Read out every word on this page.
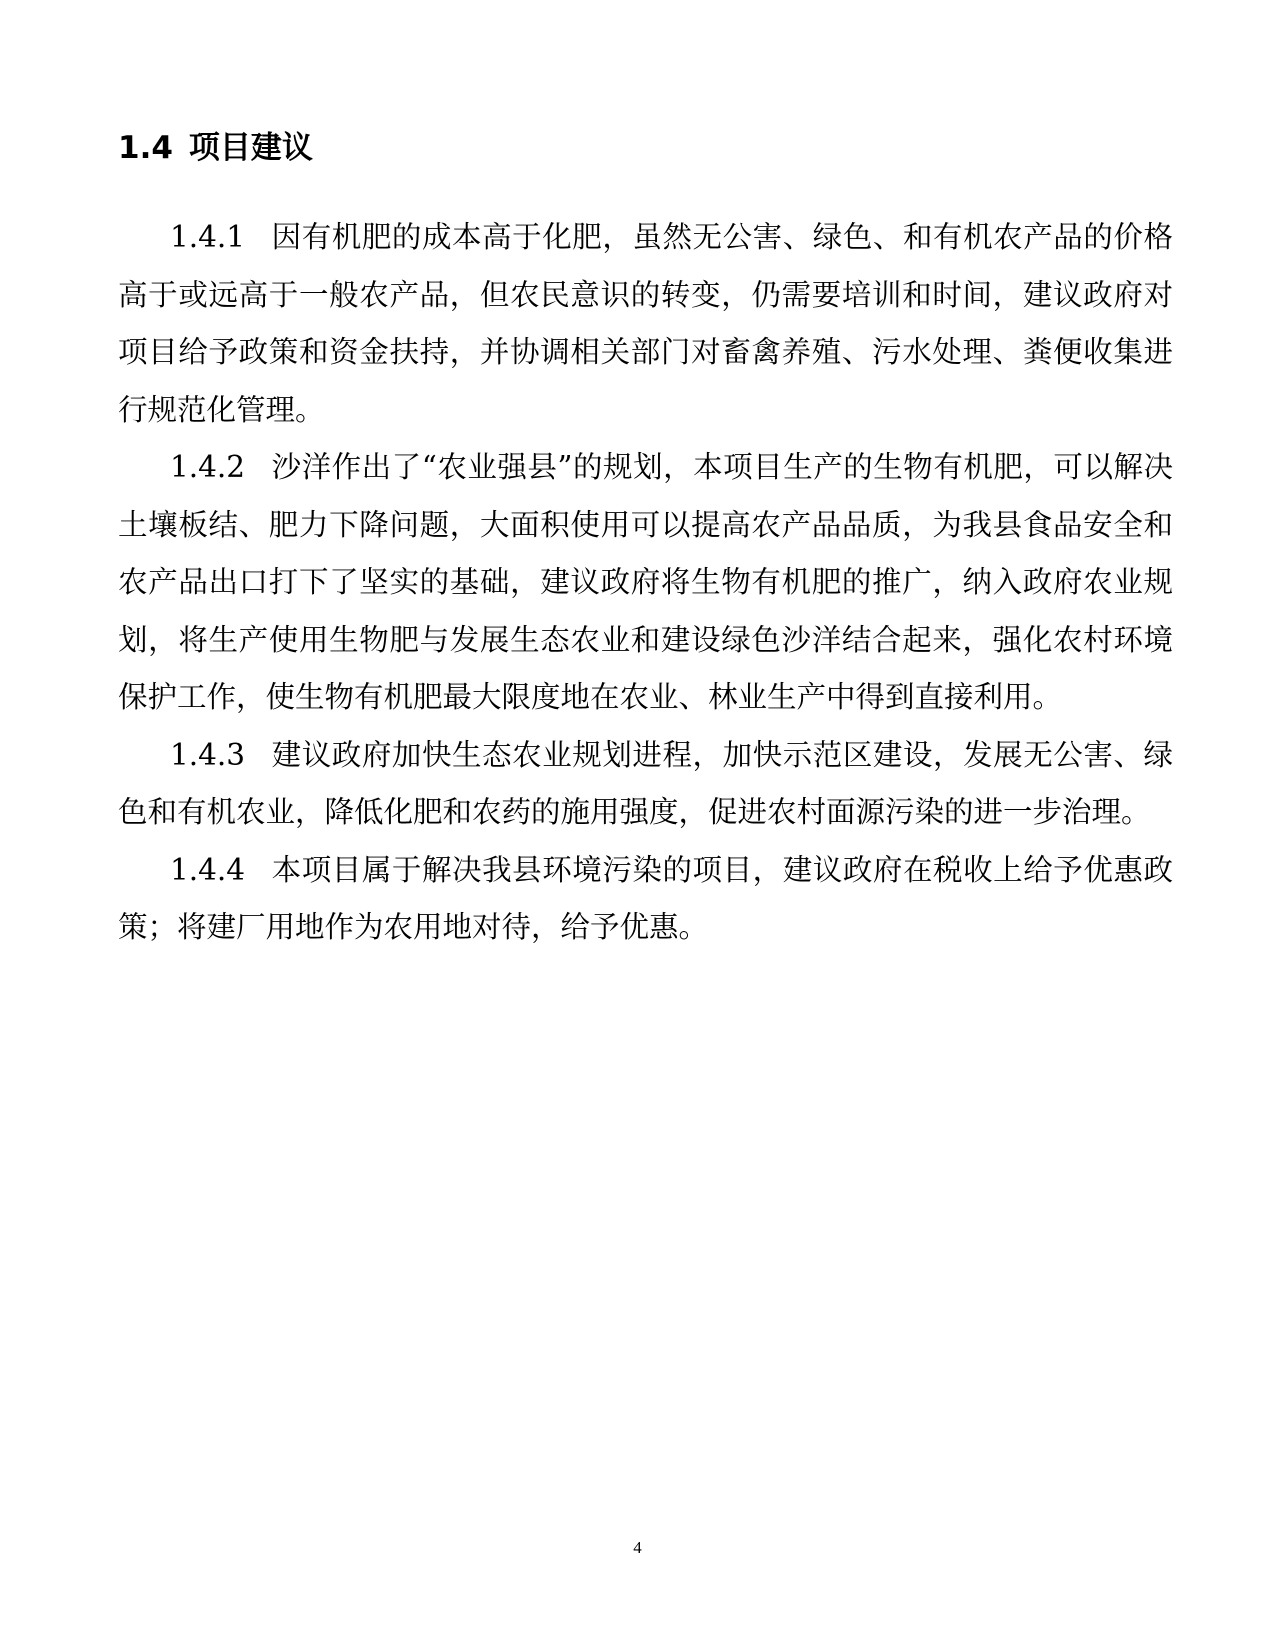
1.4 项目建议

1.4.1 因有机肥的成本高于化肥，虽然无公害、绿色、和有机农产品的价格高于或远高于一般农产品，但农民意识的转变，仍需要培训和时间，建议政府对项目给予政策和资金扶持，并协调相关部门对畜禽养殖、污水处理、粪便收集进行规范化管理。

1.4.2 沙洋作出了“农业强县”的规划，本项目生产的生物有机肥，可以解决土壤板结、肥力下降问题，大面积使用可以提高农产品品质，为我县食品安全和农产品出口打下了坚实的基础，建议政府将生物有机肥的推广，纳入政府农业规划，将生产使用生物肥与发展生态农业和建设绿色沙洋结合起来，强化农村环境保护工作，使生物有机肥最大限度地在农业、林业生产中得到直接利用。

1.4.3 建议政府加快生态农业规划进程，加快示范区建设，发展无公害、绿色和有机农业，降低化肥和农药的施用强度，促进农村面源污染的进一步治理。

1.4.4 本项目属于解决我县环境污染的项目，建议政府在税收上给予优惠政策；将建厂用地作为农用地对待，给予优惠。

4
